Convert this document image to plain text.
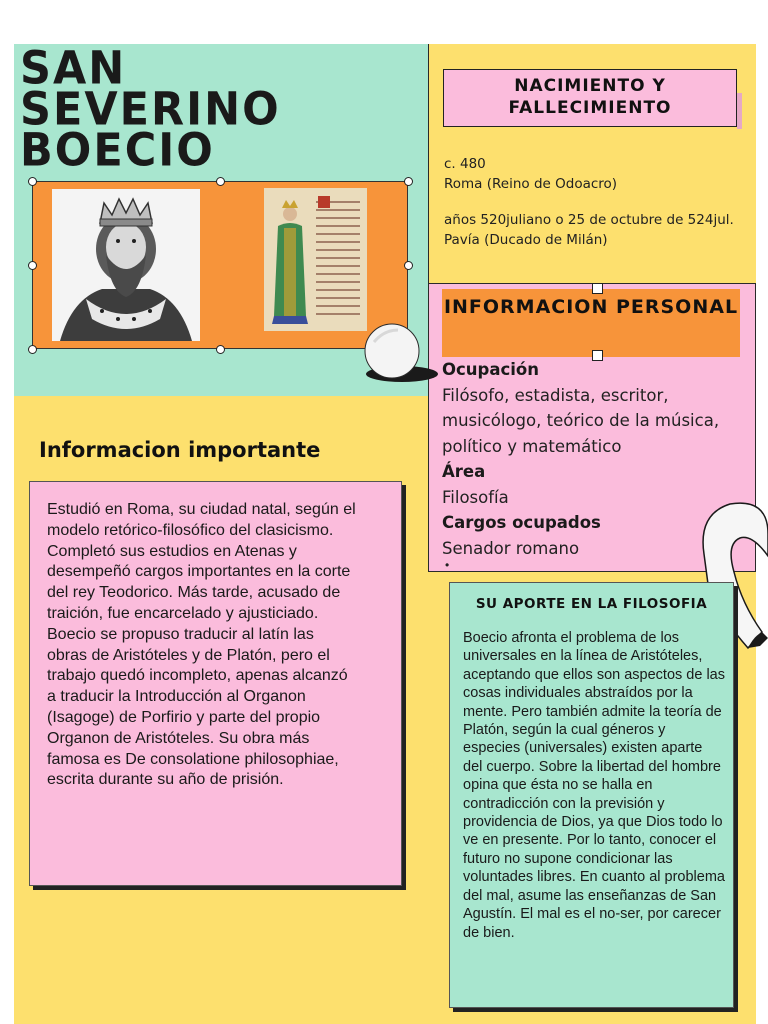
SAN
SEVERINO
BOECIO
NACIMIENTO Y FALLECIMIENTO

c. 480

Roma (Reino de Odoacro)

años 520juliano o 25 de octubre de 524jul.

Pavía (Ducado de Milán)

INFORMACION PERSONAL
Ocupación
Filósofo, estadista, escritor,
musicólogo, teórico de la música,
político y matemático
Área
Filosofía
Cargos ocupados
Senador romano
•
Informacion importante
Estudió en Roma, su ciudad natal, según el modelo retórico-filosófico del clasicismo. Completó sus estudios en Atenas y desempeñó cargos importantes en la corte del rey Teodorico. Más tarde, acusado de traición, fue encarcelado y ajusticiado. Boecio se propuso traducir al latín las obras de Aristóteles y de Platón, pero el trabajo quedó incompleto, apenas alcanzó a traducir la Introducción al Organon (Isagoge) de Porfirio y parte del propio Organon de Aristóteles. Su obra más famosa es De consolatione philosophiae, escrita durante su año de prisión.
SU APORTE EN LA FILOSOFIA
Boecio afronta el problema de los universales en la línea de Aristóteles, aceptando que ellos son aspectos de las cosas individuales abstraídos por la mente. Pero también admite la teoría de Platón, según la cual géneros y especies (universales) existen aparte del cuerpo. Sobre la libertad del hombre opina que ésta no se halla en contradicción con la previsión y providencia de Dios, ya que Dios todo lo ve en presente. Por lo tanto, conocer el futuro no supone condicionar las voluntades libres. En cuanto al problema del mal, asume las enseñanzas de San Agustín. El mal es el no-ser, por carecer de bien.
